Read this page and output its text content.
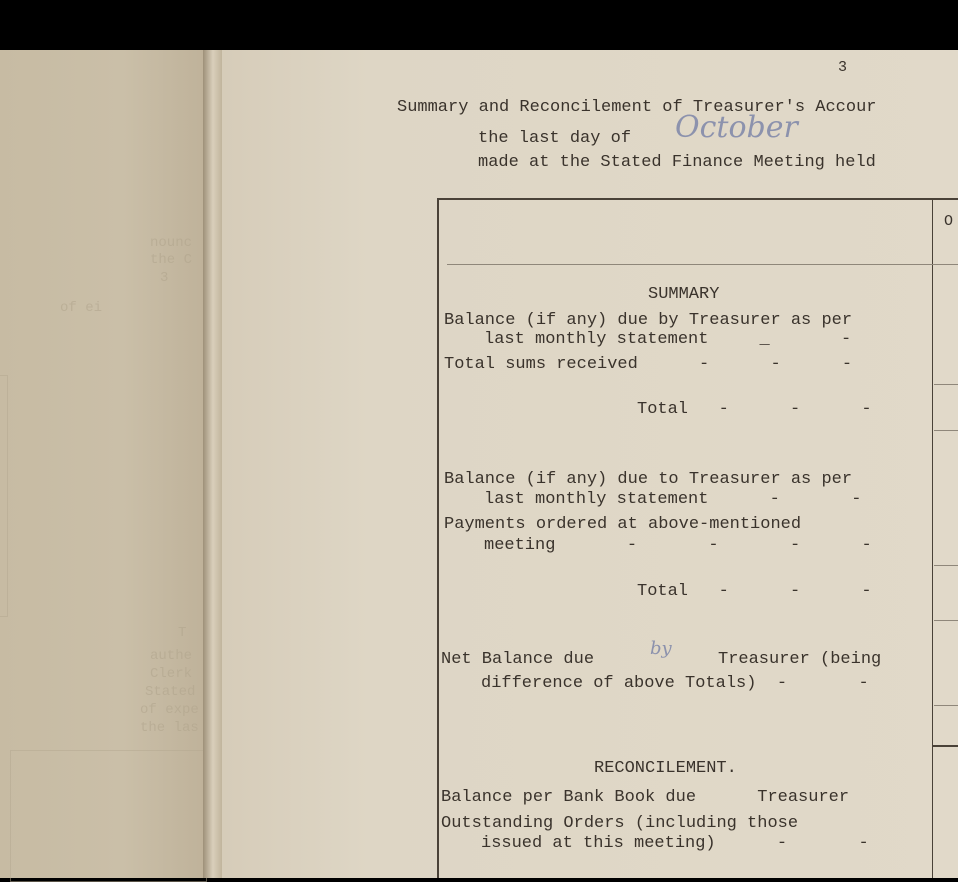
nounc
the C
3
of ei
T
authe
Clerk
Stated
of expe
the las
3
Summary and Reconcilement of Treasurer's Accour
the last day of October
made at the Stated Finance Meeting held
O
SUMMARY
Balance (if any) due by Treasurer as per
last monthly statement     _       -
Total sums received      -      -      -
Total   -      -      -
Balance (if any) due to Treasurer as per
last monthly statement      -       -
Payments ordered at above-mentioned
meeting       -       -       -      -
Total   -      -      -
Net Balance due
by
Treasurer (being
difference of above Totals)  -       -
RECONCILEMENT.
Balance per Bank Book due      Treasurer
Outstanding Orders (including those
issued at this meeting)      -       -
